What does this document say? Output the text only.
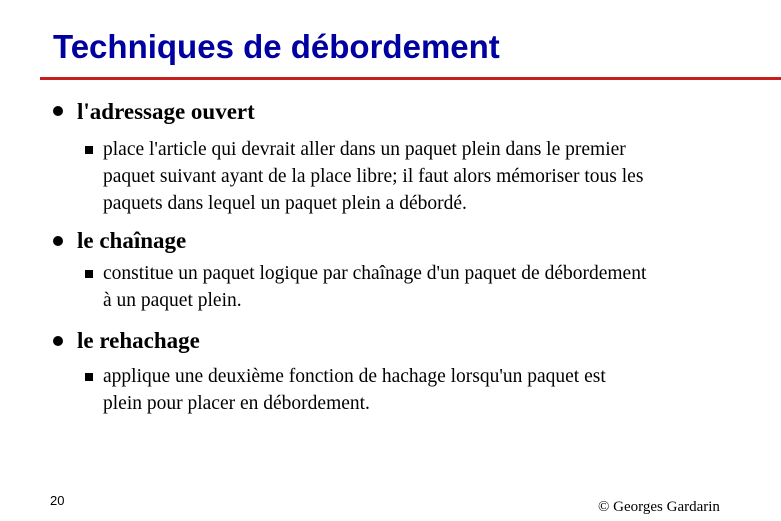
Techniques de débordement
l'adressage ouvert
place l'article qui devrait aller dans un paquet plein dans le premier
paquet suivant ayant de la place libre; il faut alors mémoriser tous les
paquets dans lequel un paquet plein a débordé.
le chaînage
constitue un paquet logique par chaînage d'un paquet de débordement
à un paquet plein.
le rehachage
applique une deuxième fonction de hachage lorsqu'un paquet est
plein pour placer en débordement.
20	© Georges Gardarin
